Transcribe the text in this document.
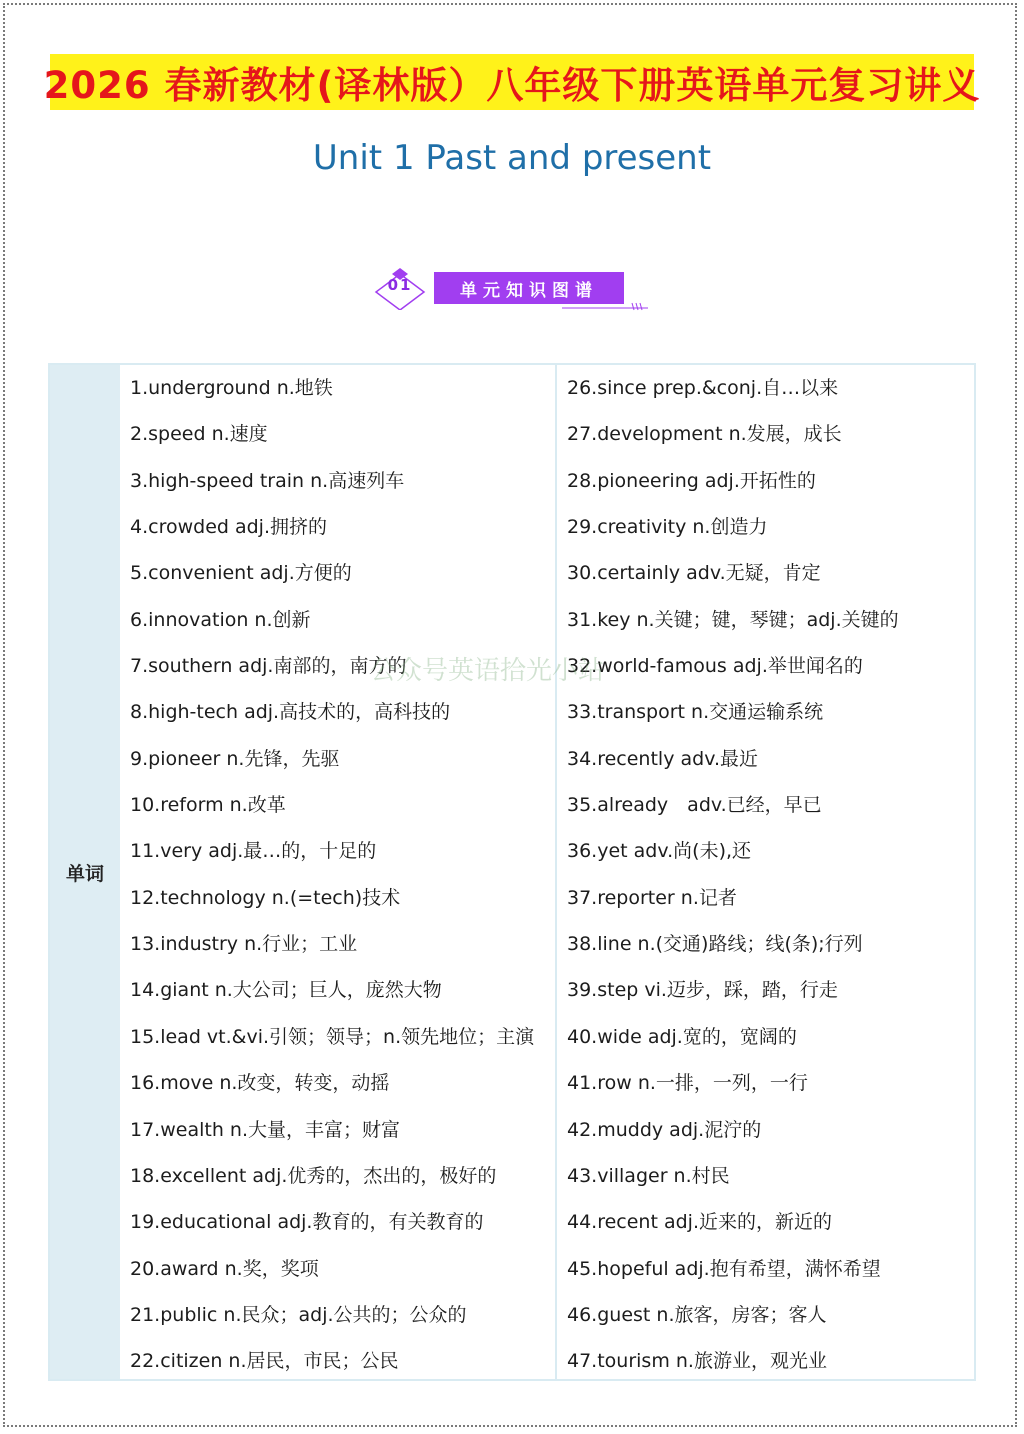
2026 春新教材(译林版）八年级下册英语单元复习讲义
Unit 1 Past and present
01	单元知识图谱
单词
1.underground n.地铁
2.speed n.速度
3.high-speed train n.高速列车
4.crowded adj.拥挤的
5.convenient adj.方便的
6.innovation n.创新
7.southern adj.南部的，南方的
8.high-tech adj.高技术的，高科技的
9.pioneer n.先锋，先驱
10.reform n.改革
11.very adj.最…的，十足的
12.technology n.(=tech)技术
13.industry n.行业；工业
14.giant n.大公司；巨人，庞然大物
15.lead vt.&vi.引领；领导；n.领先地位；主演
16.move n.改变，转变，动摇
17.wealth n.大量，丰富；财富
18.excellent adj.优秀的，杰出的，极好的
19.educational adj.教育的，有关教育的
20.award n.奖，奖项
21.public n.民众；adj.公共的；公众的
22.citizen n.居民，市民；公民
26.since prep.&conj.自…以来
27.development n.发展，成长
28.pioneering adj.开拓性的
29.creativity n.创造力
30.certainly adv.无疑，肯定
31.key n.关键；键，琴键；adj.关键的
32.world-famous adj.举世闻名的
33.transport n.交通运输系统
34.recently adv.最近
35.already　adv.已经，早已
36.yet adv.尚(未),还
37.reporter n.记者
38.line n.(交通)路线；线(条);行列
39.step vi.迈步，踩，踏，行走
40.wide adj.宽的，宽阔的
41.row n.一排，一列，一行
42.muddy adj.泥泞的
43.villager n.村民
44.recent adj.近来的，新近的
45.hopeful adj.抱有希望，满怀希望
46.guest n.旅客，房客；客人
47.tourism n.旅游业，观光业
公众号英语拾光小站
